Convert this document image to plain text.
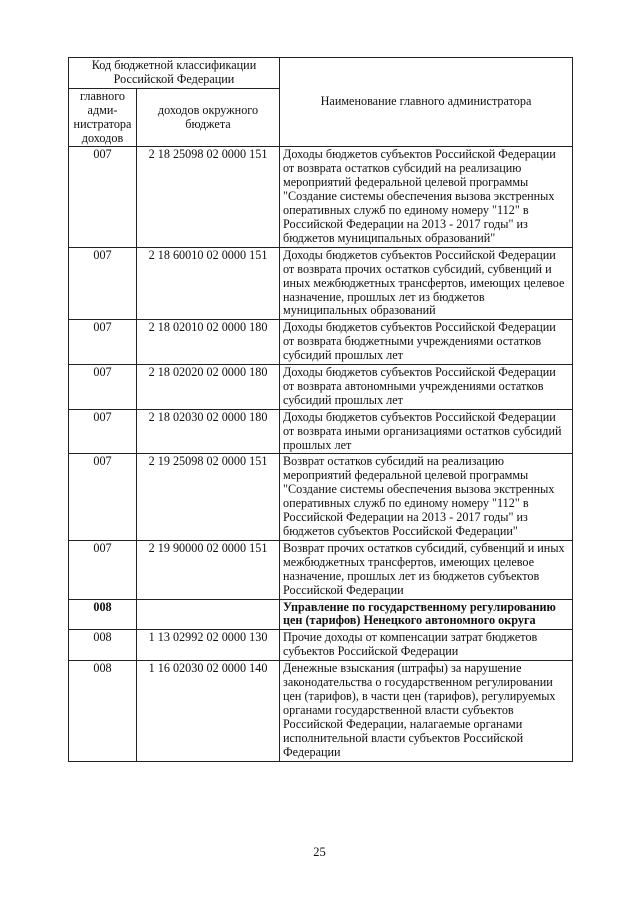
Код бюджетной классификации Российской Федерации		Наименование главного администратора
главного адми-нистратора доходов	доходов окружного бюджета	
007	2 18 25098 02 0000 151	Доходы бюджетов субъектов Российской Федерации от возврата остатков субсидий на реализацию мероприятий федеральной целевой программы "Создание системы обеспечения вызова экстренных оперативных служб по единому номеру "112" в Российской Федерации на 2013 - 2017 годы" из бюджетов муниципальных образований"
007	2 18 60010 02 0000 151	Доходы бюджетов субъектов Российской Федерации от возврата прочих остатков субсидий, субвенций и иных межбюджетных трансфертов, имеющих целевое назначение, прошлых лет из бюджетов муниципальных образований
007	2 18 02010 02 0000 180	Доходы бюджетов субъектов Российской Федерации от возврата бюджетными учреждениями остатков субсидий прошлых лет
007	2 18 02020 02 0000 180	Доходы бюджетов субъектов Российской Федерации от возврата автономными учреждениями остатков субсидий прошлых лет
007	2 18 02030 02 0000 180	Доходы бюджетов субъектов Российской Федерации от возврата иными организациями остатков субсидий прошлых лет
007	2 19 25098 02 0000 151	Возврат остатков субсидий на реализацию мероприятий федеральной целевой программы "Создание системы обеспечения вызова экстренных оперативных служб по единому номеру "112" в Российской Федерации на 2013 - 2017 годы" из бюджетов субъектов Российской Федерации"
007	2 19 90000 02 0000 151	Возврат прочих остатков субсидий, субвенций и иных межбюджетных трансфертов, имеющих целевое назначение, прошлых лет из бюджетов субъектов Российской Федерации
008		Управление по государственному регулированию цен (тарифов) Ненецкого автономного округа
008	1 13 02992 02 0000 130	Прочие доходы от компенсации затрат бюджетов субъектов Российской Федерации
008	1 16 02030 02 0000 140	Денежные взыскания (штрафы) за нарушение законодательства о государственном регулировании цен (тарифов), в части цен (тарифов), регулируемых органами государственной власти субъектов Российской Федерации, налагаемые органами исполнительной власти субъектов Российской Федерации
25
